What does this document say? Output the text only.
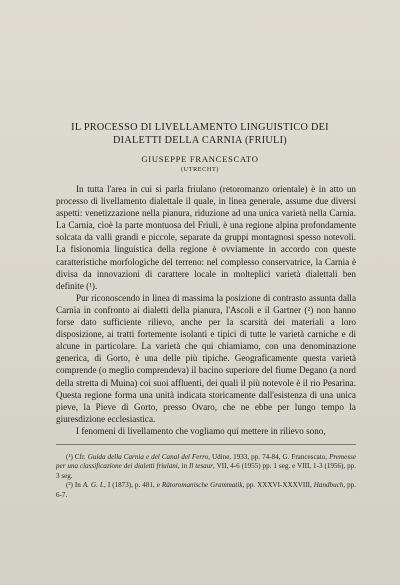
IL PROCESSO DI LIVELLAMENTO LINGUISTICO DEI
DIALETTI DELLA CARNIA (FRIULI)
GIUSEPPE FRANCESCATO
(UTRECHT)

In tutta l'area in cui si parla friulano (retoromanzo orientale) è in atto un processo di livellamento dialettale il quale, in linea generale, assume due diversi aspetti: venetizzazione nella pianura, riduzione ad una unica varietà nella Carnia. La Carnia, cioè la parte montuosa del Friuli, è una regione alpina profondamente solcata da valli grandi e piccole, separate da gruppi montagnosi spesso notevoli. La fisionomia linguistica della regione è ovviamente in accordo con queste caratteristiche morfologiche del terreno: nel complesso conservatrice, la Carnia è divisa da innovazioni di carattere locale in molteplici varietà dialettali ben definite (¹).

Pur riconoscendo in linea di massima la posizione di contrasto assunta dalla Carnia in confronto ai dialetti della pianura, l'Ascoli e il Gartner (²) non hanno forse dato sufficiente rilievo, anche per la scarsità dei materiali a loro disposizione, ai tratti fortemente isolanti e tipici di tutte le varietà carniche e di alcune in particolare. La varietà che qui chiamiamo, con una denominazione generica, di Gorto, è una delle più tipiche. Geograficamente questa varietà comprende (o meglio comprendeva) il bacino superiore del fiume Degano (a nord della stretta di Muina) coi suoi affluenti, dei quali il più notevole è il rio Pesarina. Questa regione forma una unità indicata storicamente dall'esistenza di una unica pieve, la Pieve di Gorto, presso Ovaro, che ne ebbe per lungo tempo la giuresdizione ecclesiastica.

I fenomeni di livellamento che vogliamo qui mettere in rilievo sono,

(¹) Cfr. Guida della Carnia e del Canal del Ferro, Udine, 1933, pp. 74-84, G. Francescato, Premesse per una classificazione dei dialetti friulani, in Il tesaur, VII, 4-6 (1955) pp. 1 seg. e VIII, 1-3 (1956), pp. 3 seg.

(²) In A. G. I., I (1873), p. 481, e Rätoromanische Grammatik, pp. XXXVI-XXXVIII, Handbuch, pp. 6-7.
